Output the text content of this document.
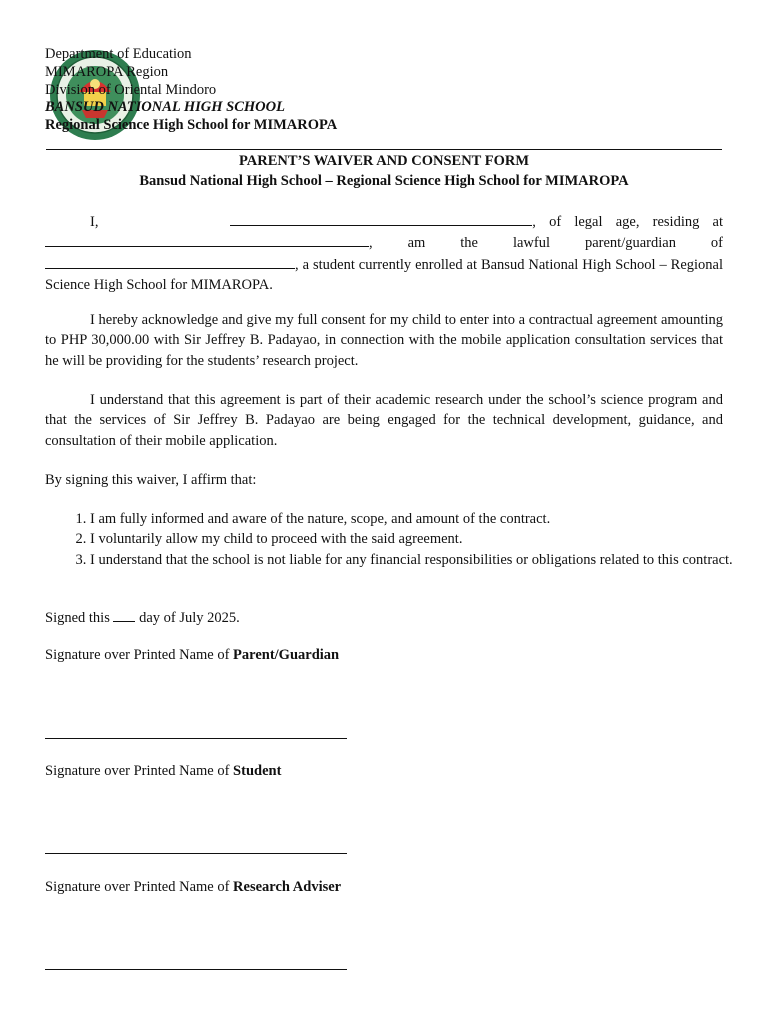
Department of Education
MIMAROPA Region
Division of Oriental Mindoro
BANSUD NATIONAL HIGH SCHOOL
Regional Science High School for MIMAROPA
PARENT’S WAIVER AND CONSENT FORM
Bansud National High School – Regional Science High School for MIMAROPA
I,	, of legal age, residing at , am the lawful parent/guardian of , a student currently enrolled at Bansud National High School – Regional Science High School for MIMAROPA.
I hereby acknowledge and give my full consent for my child to enter into a contractual agreement amounting to PHP 30,000.00 with Sir Jeffrey B. Padayao, in connection with the mobile application consultation services that he will be providing for the students’ research project.
I understand that this agreement is part of their academic research under the school’s science program and that the services of Sir Jeffrey B. Padayao are being engaged for the technical development, guidance, and consultation of their mobile application.
By signing this waiver, I affirm that:
1. I am fully informed and aware of the nature, scope, and amount of the contract.
2. I voluntarily allow my child to proceed with the said agreement.
3. I understand that the school is not liable for any financial responsibilities or obligations related to this contract.
Signed this day of July 2025.
Signature over Printed Name of Parent/Guardian
Signature over Printed Name of Student
Signature over Printed Name of Research Adviser
